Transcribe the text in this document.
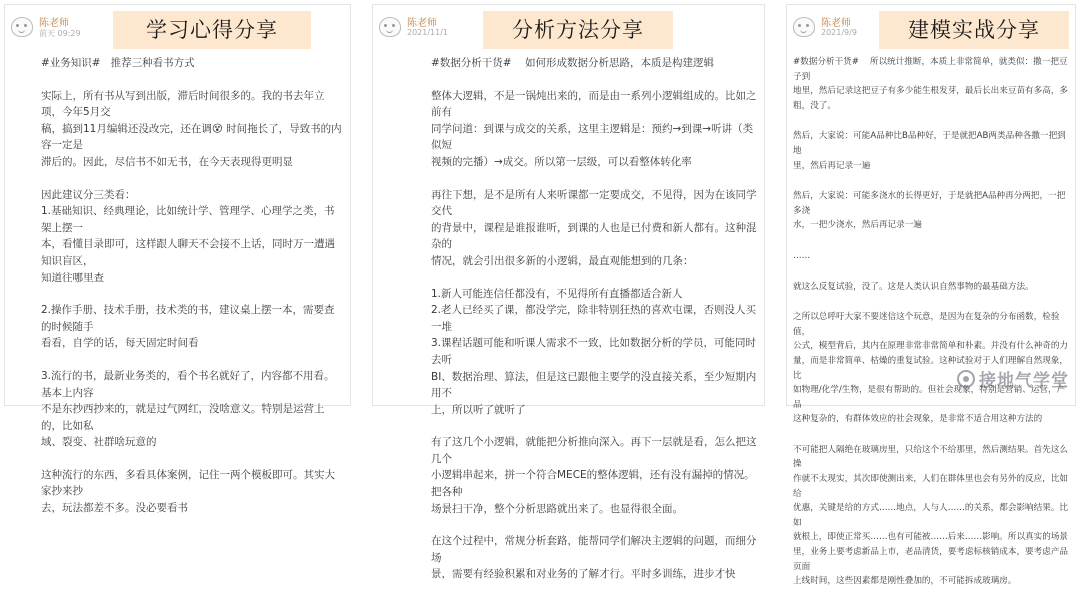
陈老师
前天 09:29	学习心得分享
#业务知识#   推荐三种看书方式
实际上，所有书从写到出版，滞后时间很多的。我的书去年立项，今年5月交
稿，搞到11月编辑还没改完，还在调😵 时间拖长了，导致书的内容一定是
滞后的。因此，尽信书不如无书，在今天表现得更明显
因此建议分三类看：
1.基础知识、经典理论，比如统计学、管理学、心理学之类，书架上摆一
本，看懂目录即可，这样跟人聊天不会接不上话，同时万一遭遇知识盲区，
知道往哪里查
2.操作手册、技术手册，技术类的书，建议桌上摆一本，需要查的时候随手
看看，自学的话，每天固定时间看
3.流行的书，最新业务类的，看个书名就好了，内容都不用看。基本上内容
不是东抄西抄来的，就是过气网红，没啥意义。特别是运营上的，比如私
域、裂变、社群啥玩意的
这种流行的东西，多看具体案例，记住一两个模板即可。其实大家抄来抄
去，玩法都差不多。没必要看书
陈老师
2021/11/1	分析方法分享
#数据分析干货#    如何形成数据分析思路，本质是构建逻辑
整体大逻辑，不是一锅炖出来的，而是由一系列小逻辑组成的。比如之前有
同学问道：到课与成交的关系，这里主逻辑是：预约→到课→听讲（类似短
视频的完播）→成交。所以第一层级，可以看整体转化率
再往下想，是不是所有人来听课都一定要成交，不见得，因为在该同学交代
的背景中，课程是谁报谁听，到课的人也是已付费和新人都有。这种混杂的
情况，就会引出很多新的小逻辑，最直观能想到的几条：
1.新人可能连信任都没有，不见得所有直播都适合新人
2.老人已经买了课，都没学完，除非特别狂热的喜欢屯课，否则没人买一堆
3.课程话题可能和听课人需求不一致，比如数据分析的学员，可能同时去听
BI、数据治理、算法，但是这已跟他主要学的没直接关系，至少短期内用不
上，所以听了就听了
有了这几个小逻辑，就能把分析推向深入。再下一层就是看，怎么把这几个
小逻辑串起来，拼一个符合MECE的整体逻辑，还有没有漏掉的情况。把各种
场景扫干净，整个分析思路就出来了。也显得很全面。
在这个过程中，常规分析套路，能帮同学们解决主逻辑的问题，而细分场
景，需要有经验积累和对业务的了解才行。平时多训练，进步才快
陈老师
2021/9/9	建模实战分享
#数据分析干货#    所以统计推断，本质上非常简单，就类似：撒一把豆子到
地里，然后记录这把豆子有多少能生根发芽，最后长出来豆苗有多高，多
粗，没了。
然后，大家说：可能A品种比B品种好，于是就把AB两类品种各撒一把到地
里，然后再记录一遍
然后，大家说：可能多浇水的长得更好，于是就把A品种再分两把，一把多浇
水，一把少浇水，然后再记录一遍
……
就这么反复试验，没了。这是人类认识自然事物的最基础方法。
之所以总呼吁大家不要迷信这个玩意，是因为在复杂的分布函数，检验值，
公式，模型背后，其内在原理非常非常简单和朴素。并没有什么神奇的力
量，而是非常简单、枯燥的重复试验。这种试验对于人们理解自然现象，比
如物理/化学/生物，是很有帮助的。但社会现象，特别是营销、运营，产品
这种复杂的，有群体效应的社会现象，是非常不适合用这种方法的
不可能把人隔绝在玻璃房里，只给这个不给那里，然后测结果。首先这么操
作就不太现实，其次即使测出来，人们在群体里也会有另外的反应，比如给
优惠，关键是给的方式……地点，人与人……的关系，都会影响结果。比如
就根上，即使正常买……也有可能被……后来……影响。所以真实的场景
里，业务上要考虑新品上市，老品清货，要考虑标核销成本，要考虑产品页面
上线时间，这些因素都是刚性叠加的，不可能拆成玻璃房。
接地气学堂
